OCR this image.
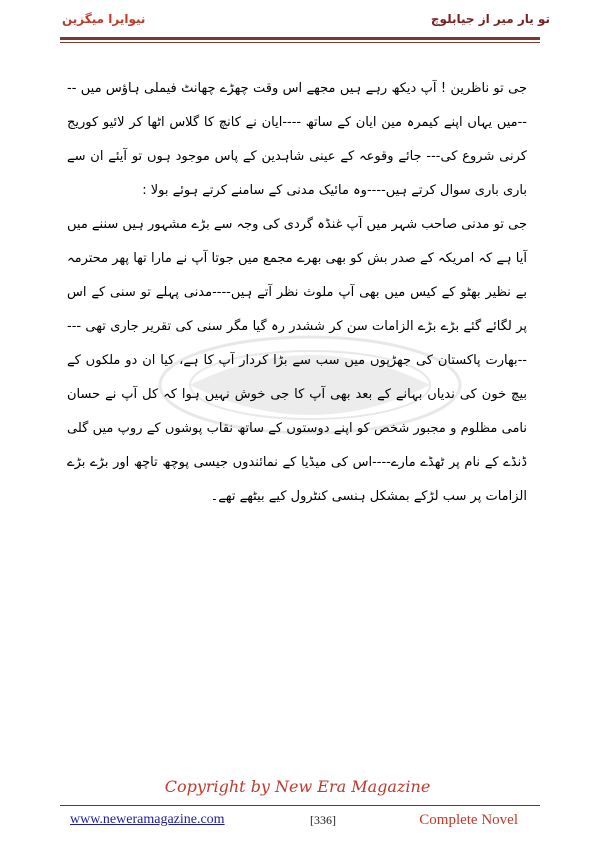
تو یار میر از جیابلوچ
نیوایرا میگزین

جی تو ناظرین ! آپ دیکھ رہے ہیں مجھے اس وقت چھڑے چھانٹ فیملی ہاؤس میں ----میں یہاں اپنے کیمرہ مین ایان کے ساتھ ----ایان نے کانچ کا گلاس اٹھا کر لائیو کوریج کرنی شروع کی--- جائے وقوعہ کے عینی شاہدین کے پاس موجود ہوں تو آیئے ان سے باری باری سوال کرتے ہیں----وہ مائیک مدنی کے سامنے کرتے ہوئے بولا :

جی تو مدنی صاحب شہر میں آپ غنڈہ گردی کی وجہ سے بڑے مشہور ہیں سننے میں آیا ہے کہ امریکہ کے صدر بش کو بھی بھرے مجمع میں جوتا آپ نے مارا تھا پھر محترمہ بے نظیر بھٹو کے کیس میں بھی آپ ملوث نظر آتے ہیں----مدنی پہلے تو سنی کے اس پر لگائے گئے بڑے بڑے الزامات سن کر ششدر رہ گیا مگر سنی کی تقریر جاری تھی -----بھارت پاکستان کی جھڑپوں میں سب سے بڑا کردار آپ کا ہے، کیا ان دو ملکوں کے بیچ خون کی ندیاں بہانے کے بعد بھی آپ کا جی خوش نہیں ہوا کہ کل آپ نے حسان نامی مظلوم و مجبور شخص کو اپنے دوستوں کے ساتھ نقاب پوشوں کے روپ میں گلی ڈنڈے کے نام پر ٹھڈے مارے----اس کی میڈیا کے نمائندوں جیسی پوچھ تاچھ اور بڑے بڑے الزامات پر سب لڑکے بمشکل ہنسی کنٹرول کیے بیٹھے تھے۔

Copyright by New Era Magazine
www.neweramagazine.com	[336]	Complete Novel
